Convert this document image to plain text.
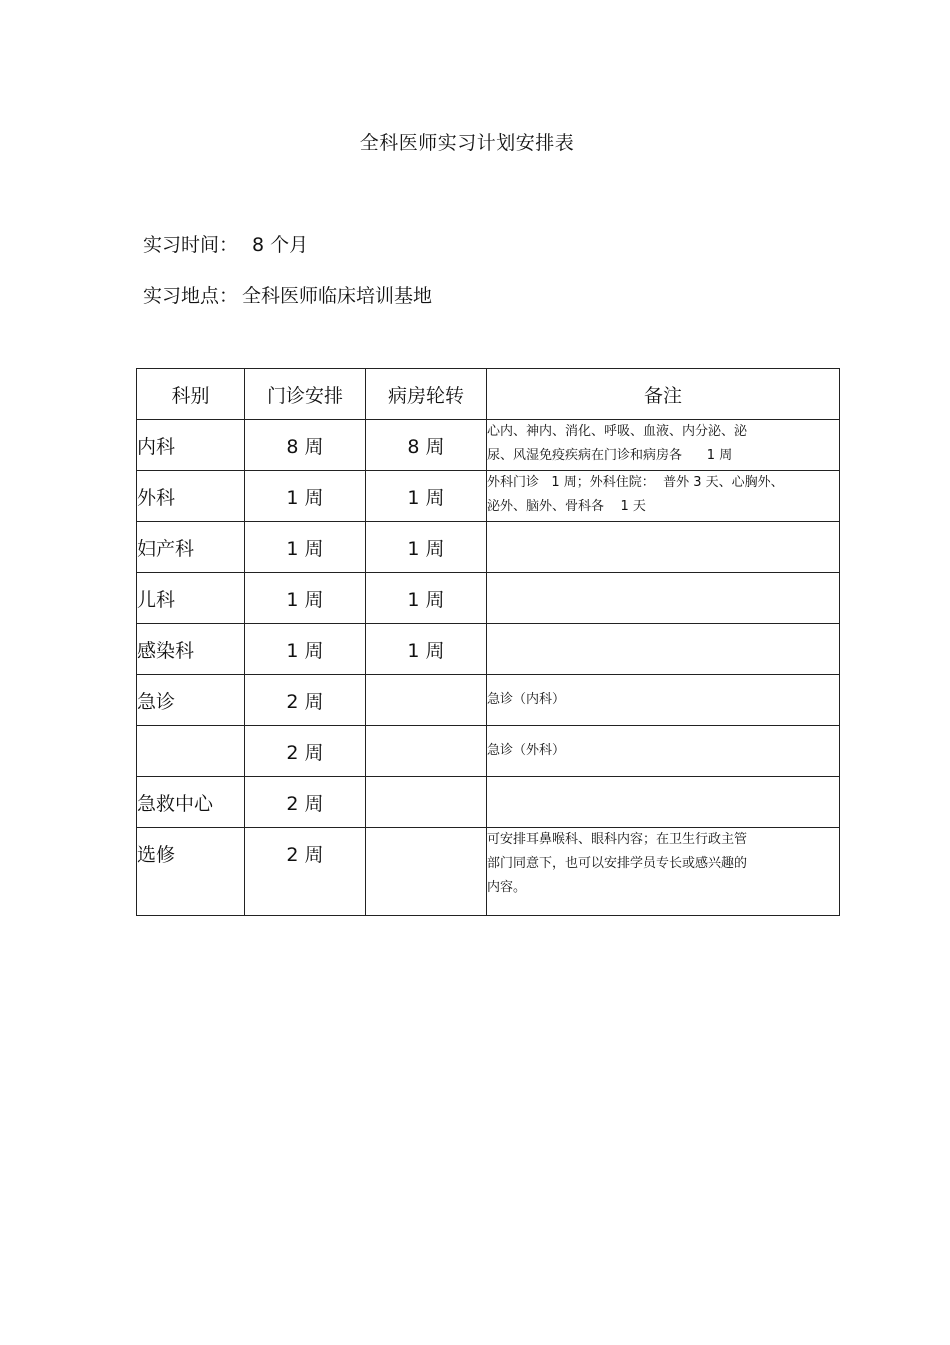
全科医师实习计划安排表
实习时间： 8 个月
实习地点： 全科医师临床培训基地
科别	门诊安排	病房轮转	备注
内科	8 周	8 周	心内、神内、消化、呼吸、血液、内分泌、泌
尿、风湿免疫疾病在门诊和病房各      1 周

外科	1 周	1 周	外科门诊   1 周；外科住院：  普外 3 天、心胸外、
泌外、脑外、骨科各    1 天

妇产科	1 周	1 周	
儿科	1 周	1 周	
感染科	1 周	1 周	
急诊	2 周		急诊（内科）

	2 周		急诊（外科）

急救中心	2 周		
选修	2 周		可安排耳鼻喉科、眼科内容；在卫生行政主管
部门同意下，也可以安排学员专长或感兴趣的
内容。
